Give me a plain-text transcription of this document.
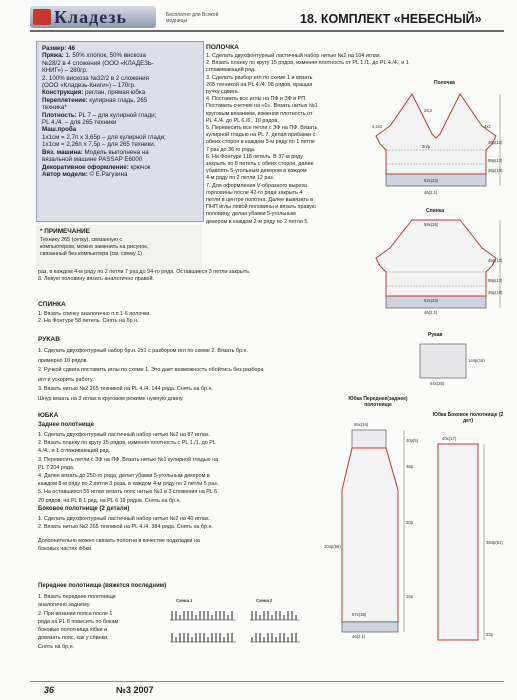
Кладезь	Бесплатно для Всякой модницы	18. КОМПЛЕКТ «НЕБЕСНЫЙ»
Размер: 46
Пряжа: 1. 50% хлопок, 50% вискоза
№28/2 в 4 сложения (ООО «КЛАДЕЗЬ-
КНИГ») – 280гр.
2. 100% вискоза №32/2 в 2 сложения
(ООО «Кладезь-Книги») – 170гр.
Конструкция: реглан, прямая юбка
Переплетение: кулирная гладь, 265
техника*
Плотность: PL 7 – для кулирной глади;
PL 4./4. – для 265 техники
Маш.проба
1х1см = 2,7п х 3,65р – для кулирной глади;
1х1см = 2,26п х 7,5р – для 265 техники.
Вяз. машина: Модель выполнена на
вязальной машине PASSAP E6000
Декоративное оформление: крючок
Автор модели: © Е.Рагузина
* ПРИМЕЧАНИЕ
Технику 265 (сетку), связанную с
компьютером, можно заменить на рисунок,
связанный без компьютера (см. схему 1)
ПОЛОЧКА
1. Сделать двухфонтурный ластичный набор нитью №2 на 104 иглах.
2. Вязать планку по кругу 15 рядов, изменяя плотность от PL 1./1. до PL 4./4., и 1
сглаживающий ряд.
3. Сделать разбор игл по схеме 1 и вязать
265 техникой на PL 4./4. 98 рядов, вращая
ручку сдвига.
4. Поставить все иглы на ПФ и ЗФ в РП.
Поставить счетчик на «0». Вязать нитью №1
круговым вязанием, изменяя плотность от
PL 4./4. до PL 6./6., 10 рядов.
5. Перевесить все петли с ЗФ на ПФ. Вязать
кулирной гладью на PL 7, делая прибавки с
обеих сторон в каждом 5-м ряду по 1 петле
7 раз до 36 го ряда.
6. На Фонтуре 118 петель. В 37-м ряду
закрыть по 6 петель с обеих сторон, далее
убавлять 5-угольным декером в каждом
4-м ряду по 2 петли 12 раз.
7. Для оформления V-образного выреза
горловины после 42-го ряда закрыть 4
петли в центре полотна. Далее вывязать в
ПНП иглы левой половины и вязать правую
половину, делая убавки 5-угольным
декером в каждом 2-м ряду по 2 петли 5
раз, в каждом 4-м ряду по 2 петли 7 раз до 94-го ряда. Оставшиеся 3 петли закрыть.
8. Левую половину вязать аналогично правой.
СПИНКА
1. Вязать спинку аналогично п.п.1-6 полочки.
2. На Фонтуре 58 петель. Снять на бр.н.
РУКАВ
1. Сделать двухфонтурный набор бр.н. 2х1 с разбором игл по схеме 2. Вязать бр.н.
примерно 10 рядов.
2. Ручкой сдвига поставить иглы по схеме 1. Это дает возможность обойтись без разбора
игл и ускорить работу.
3. Вязать нитью №2 265 техникой на PL 4./4. 144 ряда. Снять на бр.н.
Шнур вязать на 3 иглах в круговом режиме нужную длину.
ЮБКА
Заднее полотнище
1. Сделать двухфонтурный ластичный набор нитью №2 на 87 иглах.
2. Вязать планку по кругу 15 рядов, изменяя плотность с PL 1./1. до PL
4./4., и 1 сглаживающий ряд.
3. Перевесить петли с ЗФ на ПФ. Вязать нитью №1 кулирной гладью на
PL 7 204 ряда.
4. Далее вязать до 250-го ряда, делая убавки 5-угольным декером в
каждом 8-м ряду по 2 петли 3 раза, в каждом 4-м ряду по 2 петли 5 раз.
5. На оставшихся 55 иглах вязать пояс нитью №1 в 3 сложения на PL 6
20 рядов, на PL 8 1 ряд, на PL 6 19 рядов. Снять на бр.н.
Боковое полотнище (2 детали)
1. Сделать двухфонтурный ластичный набор нитью №2 на 40 иглах.
2. Вязать нитью №2 265 техникой на PL 4./4. 384 ряда. Снять на бр.н.
Дополнительно можно связать полотна в качестве подкладки на
боковых частях юбки.
Переднее полотнище (вяжется последним)
1. Вязать переднее полотнище
аналогично заднему.
2. При вязании пояса после 1
ряда на PL 8 повесить по бокам
боковые полотнища юбки и
довязать пояс, как у спинки.
Снять на бр.н.
Полочка
4,2х2
26,2
4х2
3п/р
49р(13)
98р(13)
36р(10)
52х(23)
46(2,1)
Спинка
58х(25)
49р(13)
98р(13)
36р(10)
52х(23)
46(2,1)
Рукав
64х(28)
144р(19)
Юбка Переднее(заднее) полотнище
55х(24)
40р(5)
46р
204р(56)
20р
16р
87х(38)
46(2,1)
Юбка Боковое полотнище (2 дет)
40х(17)
384р(51)
22р
Схема 1	Схема 2
36	№3 2007
